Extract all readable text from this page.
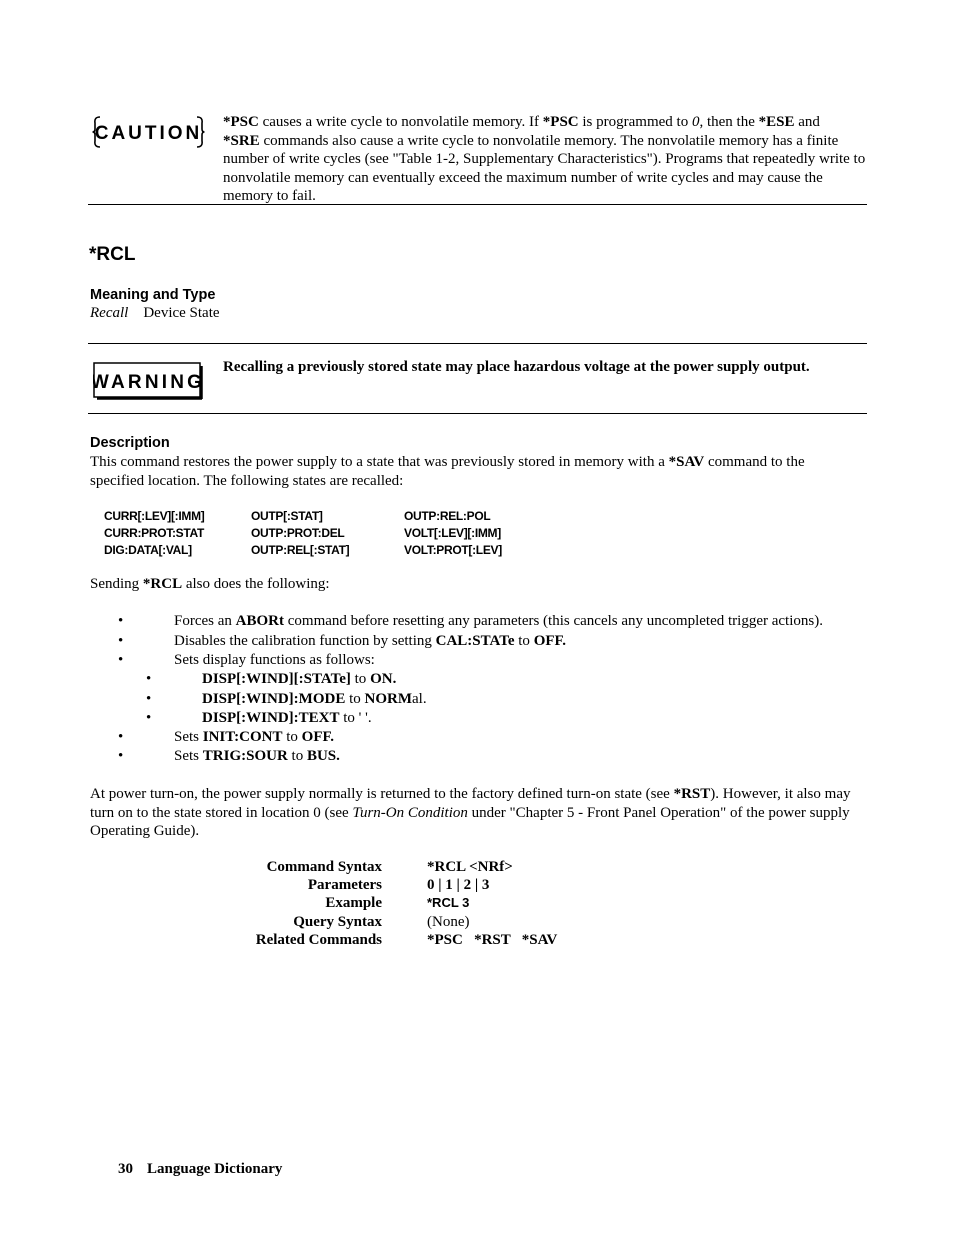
CAUTION
*PSC causes a write cycle to nonvolatile memory. If *PSC is programmed to 0, then the *ESE and
*SRE commands also cause a write cycle to nonvolatile memory. The nonvolatile memory has a finite number of write cycles (see "Table 1-2, Supplementary Characteristics"). Programs that repeatedly write to nonvolatile memory can eventually exceed the maximum number of write cycles and may cause the memory to fail.
*RCL
Meaning and Type
Recall Device State
WARNING
Recalling a previously stored state may place hazardous voltage at the power supply output.
Description
This command restores the power supply to a state that was previously stored in memory with a *SAV command to the specified location. The following states are recalled:
CURR[:LEV][:IMM]	OUTP[:STAT]	OUTP:REL:POL
CURR:PROT:STAT	OUTP:PROT:DEL	VOLT[:LEV][:IMM]
DIG:DATA[:VAL]	OUTP:REL[:STAT]	VOLT:PROT[:LEV]
Sending *RCL also does the following:
•	Forces an ABORt command before resetting any parameters (this cancels any uncompleted trigger actions).
•	Disables the calibration function by setting CAL:STATe to OFF.
•	Sets display functions as follows:
•	DISP[:WIND][:STATe] to ON.
•	DISP[:WIND]:MODE to NORMal.
•	DISP[:WIND]:TEXT to ' '.
•	Sets INIT:CONT to OFF.
•	Sets TRIG:SOUR to BUS.
At power turn-on, the power supply normally is returned to the factory defined turn-on state (see *RST). However, it also may turn on to the state stored in location 0 (see Turn-On Condition under "Chapter 5 - Front Panel Operation" of the power supply Operating Guide).
Command Syntax	*RCL <NRf>
Parameters	0 | 1 | 2 | 3
Example	*RCL 3
Query Syntax	(None)
Related Commands	*PSC   *RST   *SAV
30 Language Dictionary
